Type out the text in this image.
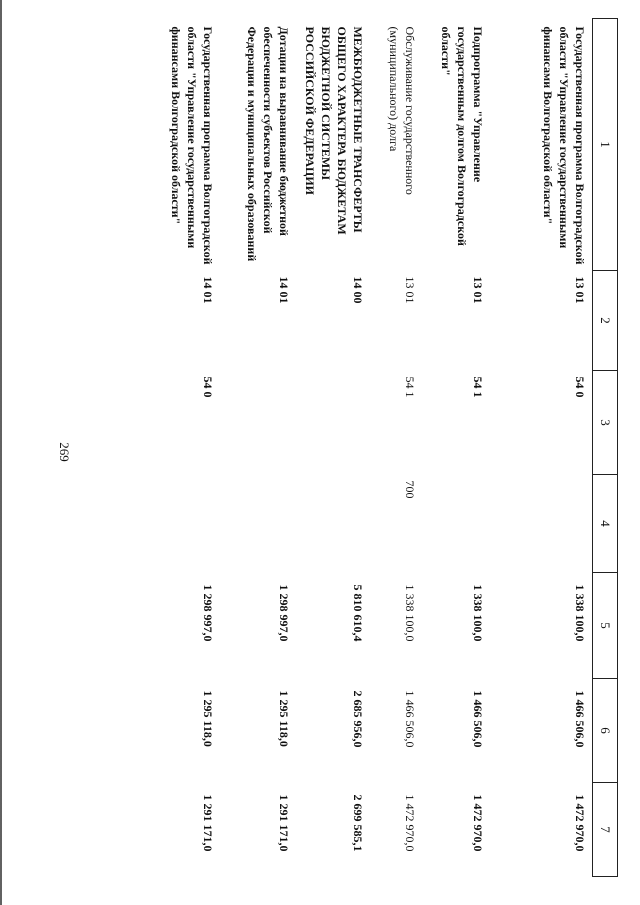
269
1	2	3	4	5	6	7
Государственная программа Волгоградской области "Управление государственными финансами Волгоградской области"	13 01	54 0		1 338 100,0	1 466 506,0	1 472 970,0
Подпрограмма "Управление государственным долгом Волгоградской области"	13 01	54 1		1 338 100,0	1 466 506,0	1 472 970,0
Обслуживание государственного (муниципального) долга	13 01	54 1	700	1 338 100,0	1 466 506,0	1 472 970,0
МЕЖБЮДЖЕТНЫЕ ТРАНСФЕРТЫ ОБЩЕГО ХАРАКТЕРА БЮДЖЕТАМ БЮДЖЕТНОЙ СИСТЕМЫ РОССИЙСКОЙ ФЕДЕРАЦИИ	14 00			5 810 610,4	2 685 956,0	2 699 585,1
Дотации на выравнивание бюджетной обеспеченности субъектов Российской Федерации и муниципальных образований	14 01			1 298 997,0	1 295 118,0	1 291 171,0
Государственная программа Волгоградской области "Управление государственными финансами Волгоградской области"	14 01	54 0		1 298 997,0	1 295 118,0	1 291 171,0
